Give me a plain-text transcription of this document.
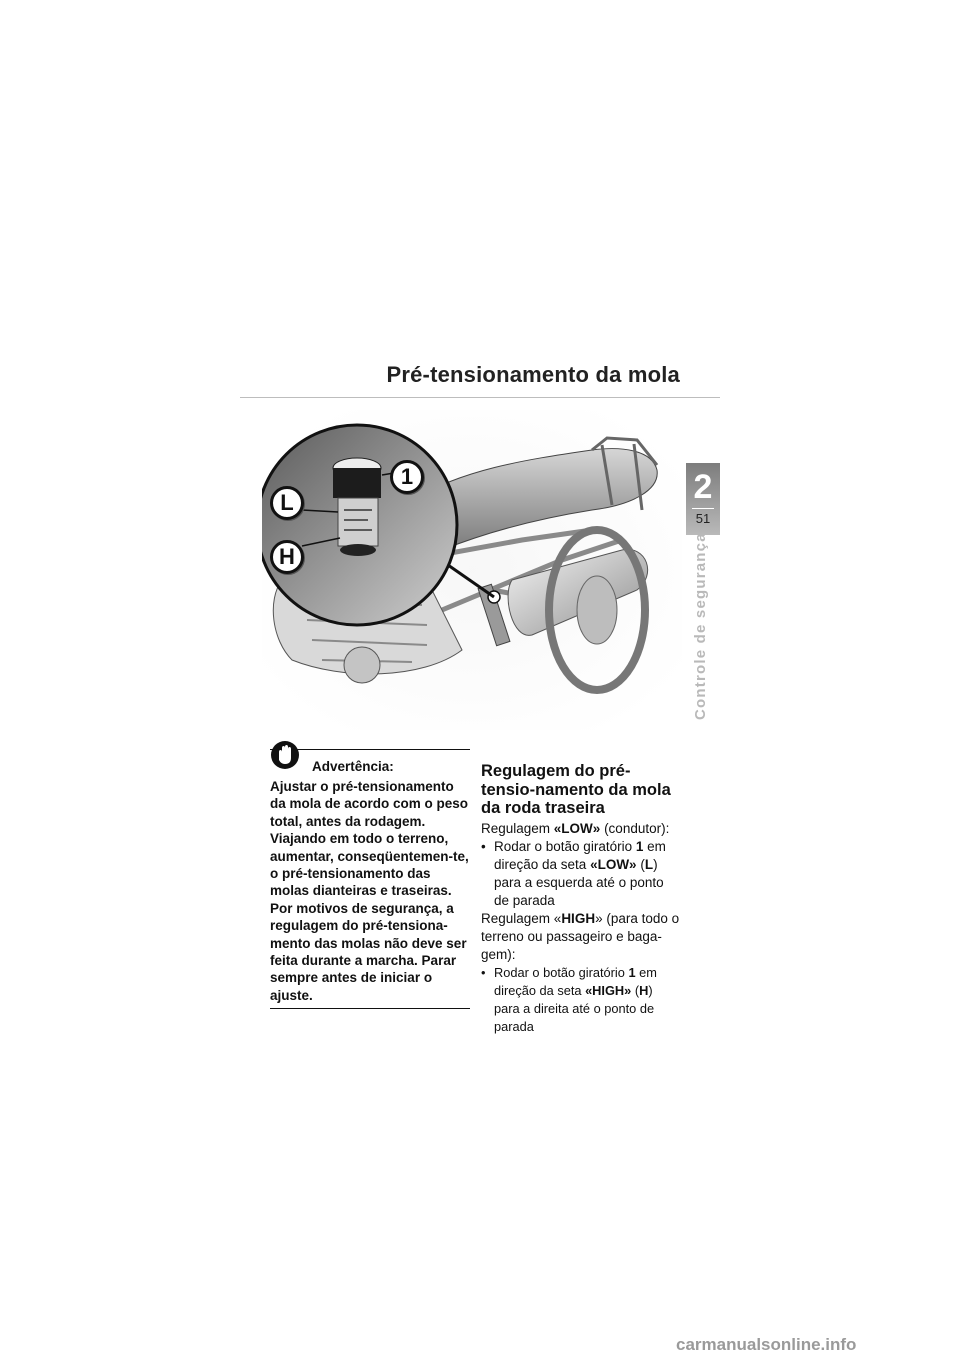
Pré-tensionamento da mola
2
51
Controle de segurança
1
L
H

Advertência:

Ajustar o pré-tensionamento da mola de acordo com o peso total, antes da rodagem. Viajando em todo o terreno, aumentar, conseqüentemen-te, o pré-tensionamento das molas dianteiras e traseiras. Por motivos de segurança, a regulagem do pré-tensiona-mento das molas não deve ser feita durante a marcha. Parar sempre antes de iniciar o ajuste.

Regulagem do pré-tensio-namento da mola da roda traseira

Regulagem «LOW» (condutor):

• Rodar o botão giratório 1 em direção da seta «LOW» (L) para a esquerda até o ponto de parada

Regulagem «HIGH» (para todo o terreno ou passageiro e baga-gem):

• Rodar o botão giratório 1 em direção da seta «HIGH» (H) para a direita até o ponto de parada

carmanualsonline.info
